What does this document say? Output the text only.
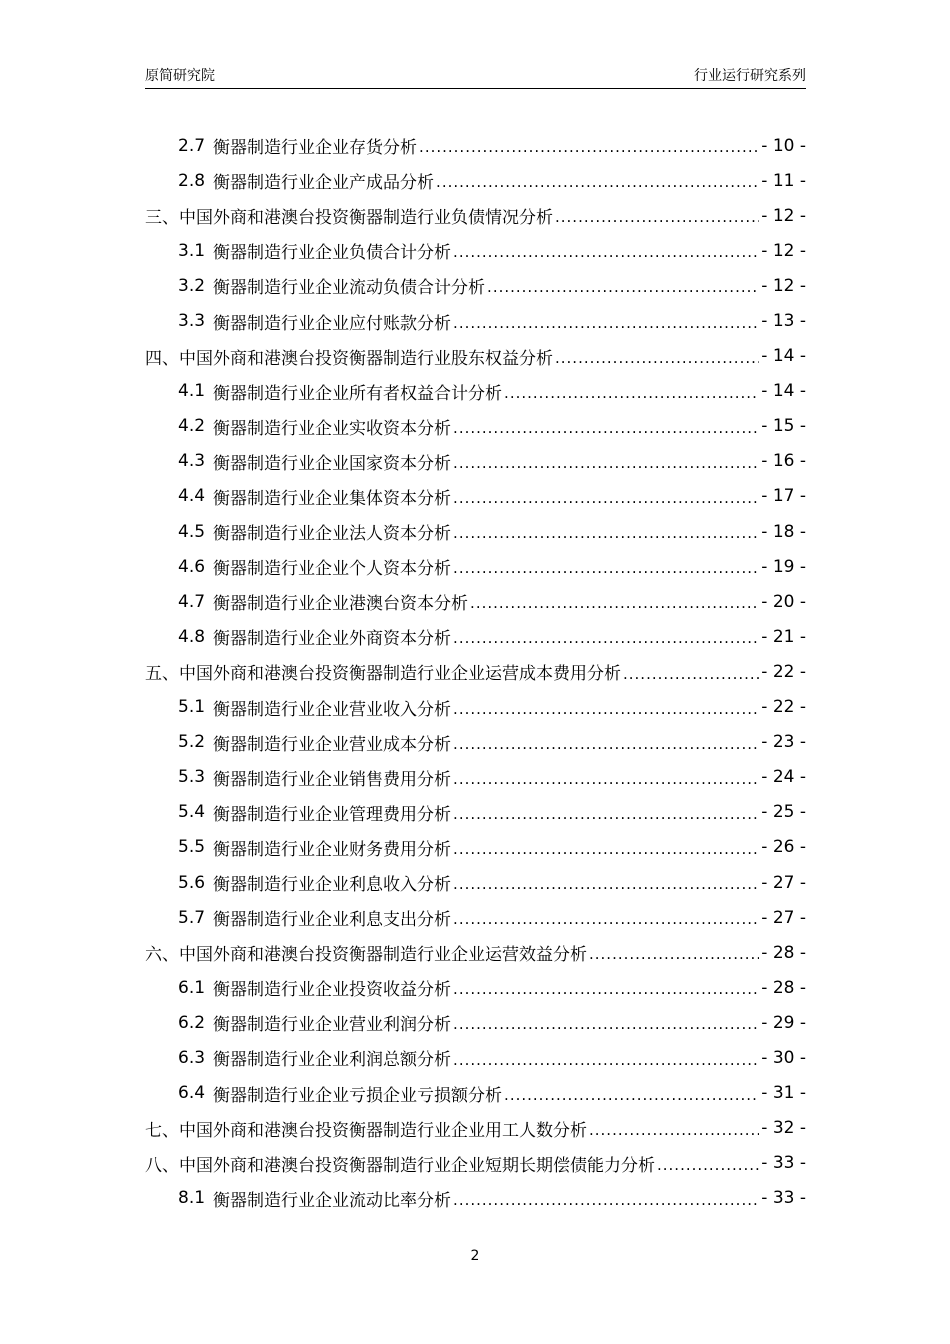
原简研究院	行业运行研究系列
2.7 衡器制造行业企业存货分析 .....	- 10 -
2.8 衡器制造行业企业产成品分析 .....	- 11 -
三、中国外商和港澳台投资衡器制造行业负债情况分析 .....	- 12 -
3.1 衡器制造行业企业负债合计分析 .....	- 12 -
3.2 衡器制造行业企业流动负债合计分析 .....	- 12 -
3.3 衡器制造行业企业应付账款分析 .....	- 13 -
四、中国外商和港澳台投资衡器制造行业股东权益分析 .....	- 14 -
4.1 衡器制造行业企业所有者权益合计分析 .....	- 14 -
4.2 衡器制造行业企业实收资本分析 .....	- 15 -
4.3 衡器制造行业企业国家资本分析 .....	- 16 -
4.4 衡器制造行业企业集体资本分析 .....	- 17 -
4.5 衡器制造行业企业法人资本分析 .....	- 18 -
4.6 衡器制造行业企业个人资本分析 .....	- 19 -
4.7 衡器制造行业企业港澳台资本分析 .....	- 20 -
4.8 衡器制造行业企业外商资本分析 .....	- 21 -
五、中国外商和港澳台投资衡器制造行业企业运营成本费用分析 .....	- 22 -
5.1 衡器制造行业企业营业收入分析 .....	- 22 -
5.2 衡器制造行业企业营业成本分析 .....	- 23 -
5.3 衡器制造行业企业销售费用分析 .....	- 24 -
5.4 衡器制造行业企业管理费用分析 .....	- 25 -
5.5 衡器制造行业企业财务费用分析 .....	- 26 -
5.6 衡器制造行业企业利息收入分析 .....	- 27 -
5.7 衡器制造行业企业利息支出分析 .....	- 27 -
六、中国外商和港澳台投资衡器制造行业企业运营效益分析 .....	- 28 -
6.1 衡器制造行业企业投资收益分析 .....	- 28 -
6.2 衡器制造行业企业营业利润分析 .....	- 29 -
6.3 衡器制造行业企业利润总额分析 .....	- 30 -
6.4 衡器制造行业企业亏损企业亏损额分析 .....	- 31 -
七、中国外商和港澳台投资衡器制造行业企业用工人数分析 .....	- 32 -
八、中国外商和港澳台投资衡器制造行业企业短期长期偿债能力分析 .....	- 33 -
8.1 衡器制造行业企业流动比率分析 .....	- 33 -
2
